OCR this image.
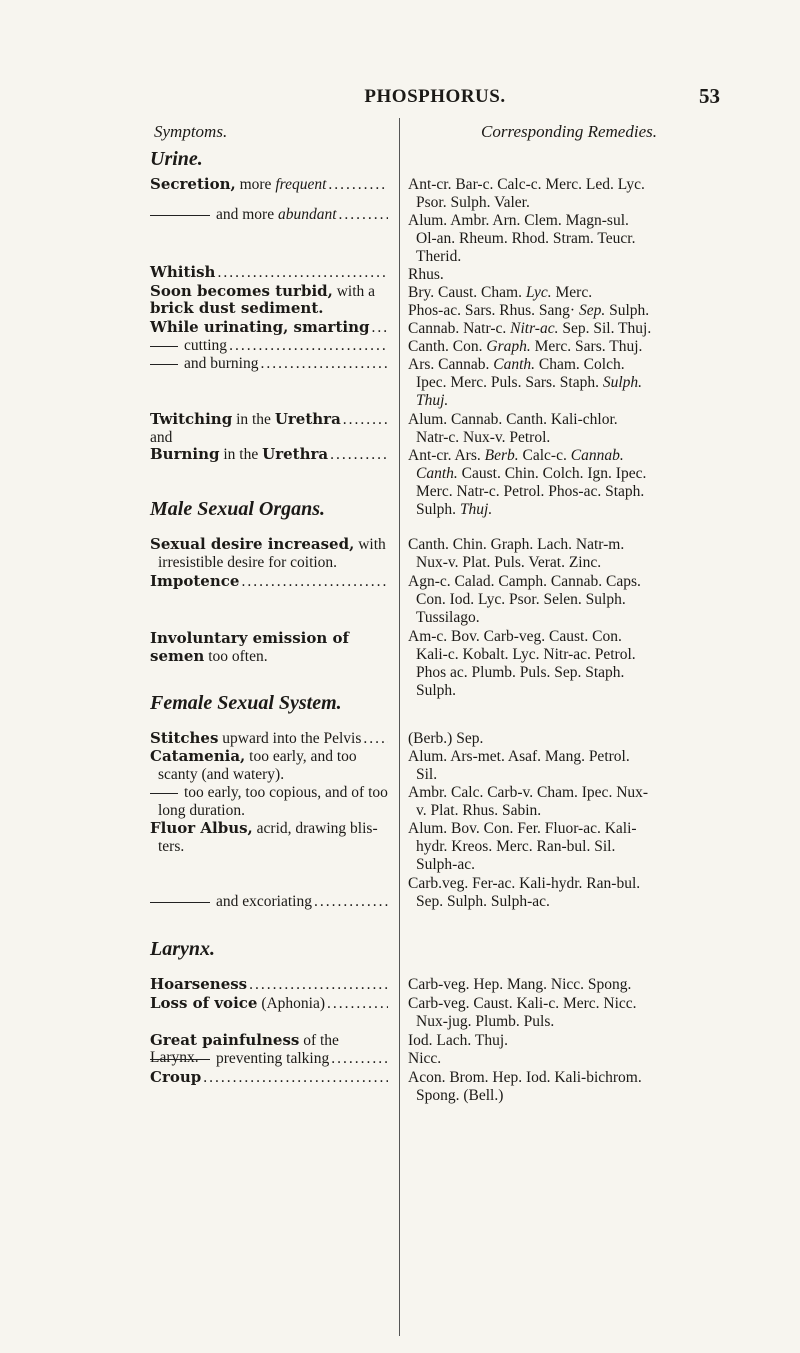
PHOSPHORUS.	53
Symptoms.
Urine.
Secretion, more frequent
.....
and more abundant
.....
Whitish
.....
Soon becomes turbid, with a
brick dust sediment.
While urinating, smarting
.....
cutting
.....
and burning
.....
Twitching in the Urethra
.....
and
Burning in the Urethra
.....
Male Sexual Organs.
Sexual desire increased, with
irresistible desire for coition.
Impotence
.....
Involuntary emission of
semen too often.
Female Sexual System.
Stitches upward into the Pelvis
.....
Catamenia, too early, and too
scanty (and watery).
too early, too copious, and of too
long duration.
Fluor Albus, acrid, drawing blis-
ters.
and excoriating
.....
Larynx.
Hoarseness
.....
Loss of voice (Aphonia)
.....
Great painfulness of the Larynx.	preventing talking
.....
Croup
.....
Corresponding Remedies.
Ant-cr. Bar-c. Calc-c. Merc. Led. Lyc.
Psor. Sulph. Valer.
Alum. Ambr. Arn. Clem. Magn-sul.
Ol-an. Rheum. Rhod. Stram. Teucr.
Therid.
Rhus.
Bry. Caust. Cham. Lyc. Merc.
Phos-ac. Sars. Rhus. Sang· Sep. Sulph.
Cannab. Natr-c. Nitr-ac. Sep. Sil. Thuj.
Canth. Con. Graph. Merc. Sars. Thuj.
Ars. Cannab. Canth. Cham. Colch.
Ipec. Merc. Puls. Sars. Staph. Sulph.
Thuj.
Alum. Cannab. Canth. Kali-chlor.
Natr-c. Nux-v. Petrol.
Ant-cr. Ars. Berb. Calc-c. Cannab.
Canth. Caust. Chin. Colch. Ign. Ipec.
Merc. Natr-c. Petrol. Phos-ac. Staph.
Sulph. Thuj.
Canth. Chin. Graph. Lach. Natr-m.
Nux-v. Plat. Puls. Verat. Zinc.
Agn-c. Calad. Camph. Cannab. Caps.
Con. Iod. Lyc. Psor. Selen. Sulph.
Tussilago.
Am-c. Bov. Carb-veg. Caust. Con.
Kali-c. Kobalt. Lyc. Nitr-ac. Petrol.
Phos ac. Plumb. Puls. Sep. Staph.
Sulph.
(Berb.) Sep.
Alum. Ars-met. Asaf. Mang. Petrol.
Sil.
Ambr. Calc. Carb-v. Cham. Ipec. Nux-
v. Plat. Rhus. Sabin.
Alum. Bov. Con. Fer. Fluor-ac. Kali-
hydr. Kreos. Merc. Ran-bul. Sil.
Sulph-ac.
Carb.veg. Fer-ac. Kali-hydr. Ran-bul.
Sep. Sulph. Sulph-ac.
Carb-veg. Hep. Mang. Nicc. Spong.
Carb-veg. Caust. Kali-c. Merc. Nicc.
Nux-jug. Plumb. Puls.
Iod. Lach. Thuj.
Nicc.
Acon. Brom. Hep. Iod. Kali-bichrom.
Spong. (Bell.)
